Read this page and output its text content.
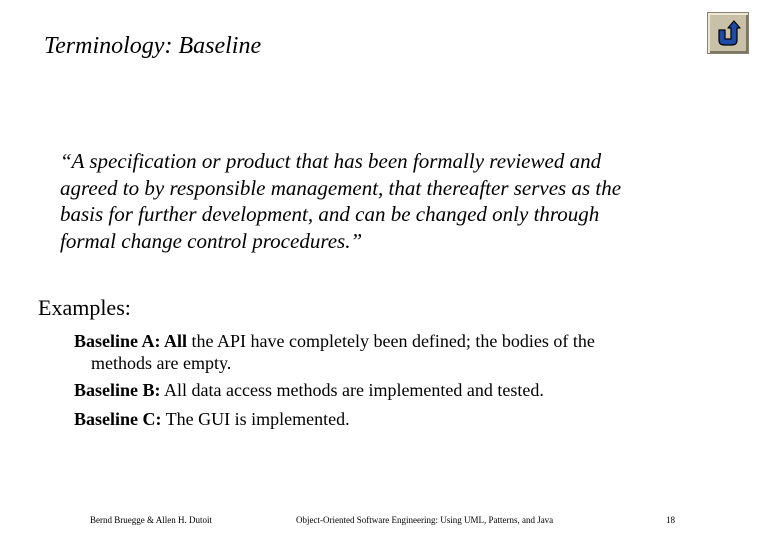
Terminology: Baseline

“A specification or product that has been formally reviewed and
agreed to by responsible management, that thereafter serves as the
basis for further development, and can be changed only through
formal change control procedures.”

Examples:

Baseline A: All the API have completely been defined; the bodies of the
methods are empty.

Baseline B: All data access methods are implemented and tested.

Baseline C: The GUI is implemented.

Bernd Bruegge & Allen H. Dutoit	Object-Oriented Software Engineering: Using UML, Patterns, and Java	18
